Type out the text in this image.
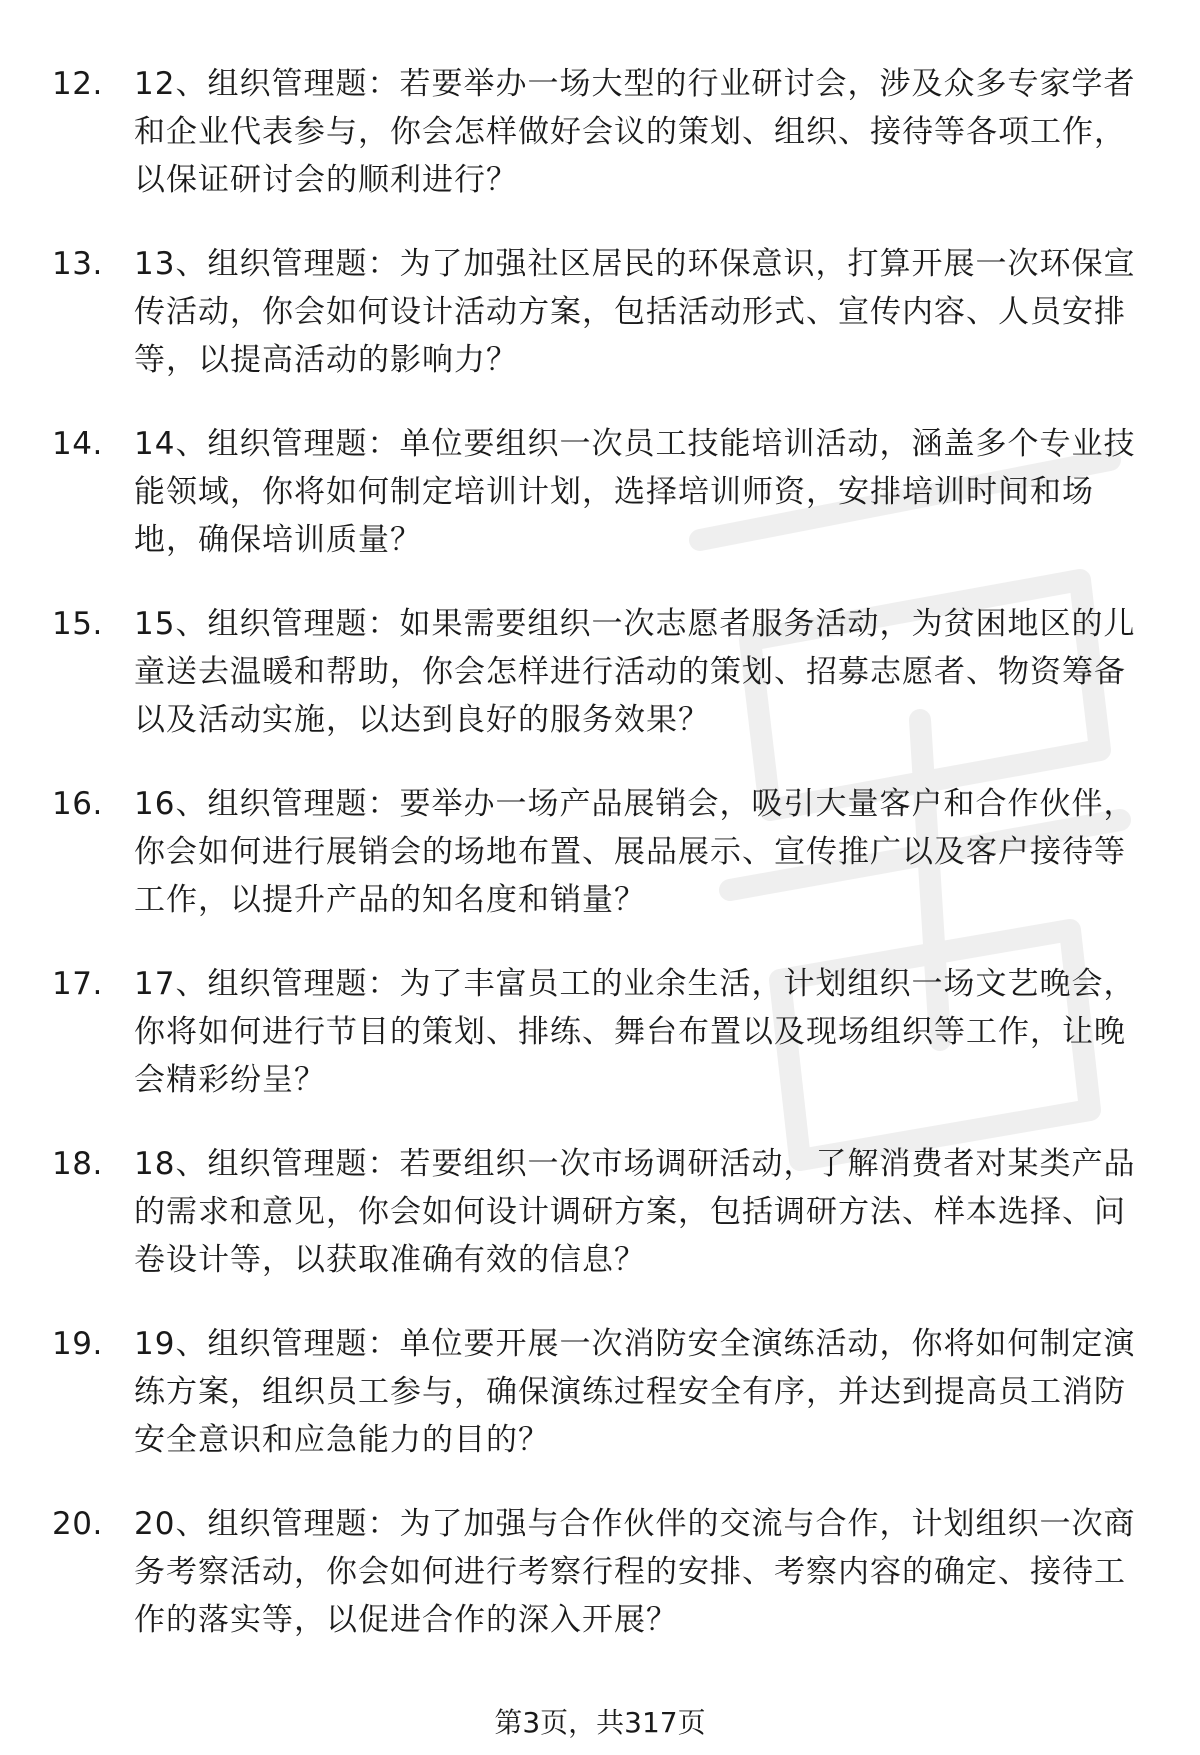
12.	12、组织管理题：若要举办一场大型的行业研讨会，涉及众多专家学者和企业代表参与，你会怎样做好会议的策划、组织、接待等各项工作，以保证研讨会的顺利进行？
13.	13、组织管理题：为了加强社区居民的环保意识，打算开展一次环保宣传活动，你会如何设计活动方案，包括活动形式、宣传内容、人员安排等，以提高活动的影响力？
14.	14、组织管理题：单位要组织一次员工技能培训活动，涵盖多个专业技能领域，你将如何制定培训计划，选择培训师资，安排培训时间和场地，确保培训质量？
15.	15、组织管理题：如果需要组织一次志愿者服务活动，为贫困地区的儿童送去温暖和帮助，你会怎样进行活动的策划、招募志愿者、物资筹备以及活动实施，以达到良好的服务效果？
16.	16、组织管理题：要举办一场产品展销会，吸引大量客户和合作伙伴，你会如何进行展销会的场地布置、展品展示、宣传推广以及客户接待等工作，以提升产品的知名度和销量？
17.	17、组织管理题：为了丰富员工的业余生活，计划组织一场文艺晚会，你将如何进行节目的策划、排练、舞台布置以及现场组织等工作，让晚会精彩纷呈？
18.	18、组织管理题：若要组织一次市场调研活动，了解消费者对某类产品的需求和意见，你会如何设计调研方案，包括调研方法、样本选择、问卷设计等，以获取准确有效的信息？
19.	19、组织管理题：单位要开展一次消防安全演练活动，你将如何制定演练方案，组织员工参与，确保演练过程安全有序，并达到提高员工消防安全意识和应急能力的目的？
20.	20、组织管理题：为了加强与合作伙伴的交流与合作，计划组织一次商务考察活动，你会如何进行考察行程的安排、考察内容的确定、接待工作的落实等，以促进合作的深入开展？
第3页，共317页
